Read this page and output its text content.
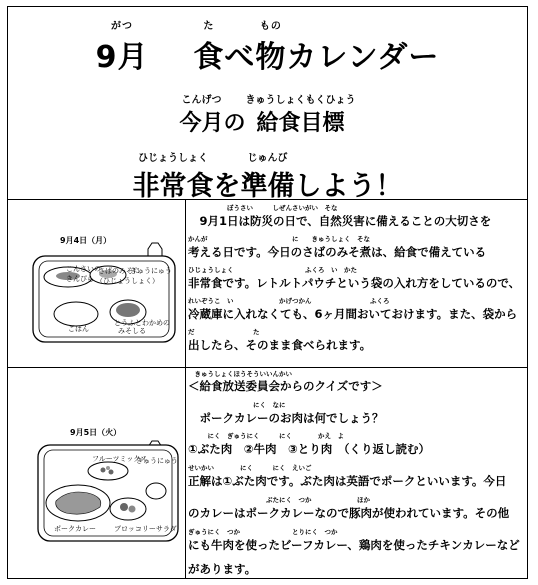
がつ
9月

た
食
べ
もの
物
カレンダー
こんげつ
今月
の
きゅうしょくもくひょう
給食目標
ひじょうしょく
非常食
を
じゅんび
準備
しよう！
9月4日（月）
こんさいの
きんぴら
さばのみそに
（ひじょうしょく）
ぎゅうにゅう
ごはん
とうふとわかめの
みそしる
　　　　　　ぼうさい　　　しぜんさいがい　そな
　9月1日は防災の日で、自然災害に備えることの大切さを
かんが　　　　　　　　　　　　　に　　きゅうしょく　そな
考える日です。今日のさばのみそ煮は、給食で備えている
ひじょうしょく　　　　　　　　　　　ふくろ　い　かた
非常食です。レトルトパウチという袋の入れ方をしているので、
れいぞうこ　い　　　　　　　かげつかん　　　　　　　　　ふくろ
冷蔵庫に入れなくても、6ヶ月間おいておけます。また、袋から
だ　　　　　　　　　た
出したら、そのまま食べられます。
9月5日（火）
フルーツミックス
ぎゅうにゅう
ポークカレー	ブロッコリーサラダ
　きゅうしょくほうそういいんかい
＜給食放送委員会からのクイズです＞
　　　　　　　　　　にく　なに
　ポークカレーのお肉は何でしょう？
　　　にく　ぎゅうにく　　　にく　　　　かえ　よ
①ぶた肉　②牛肉　③とり肉　（くり返し読む）
せいかい　　　　にく　　　にく　えいご
正解は①ぶた肉です。ぶた肉は英語でポークといいます。今日
　　　　　　　　　　　　ぶたにく　つか　　　　　　　ほか
のカレーはポークカレーなので豚肉が使われています。その他
ぎゅうにく　つか　　　　　　　　とりにく　つか
にも牛肉を使ったビーフカレー、鶏肉を使ったチキンカレーなど
があります。
